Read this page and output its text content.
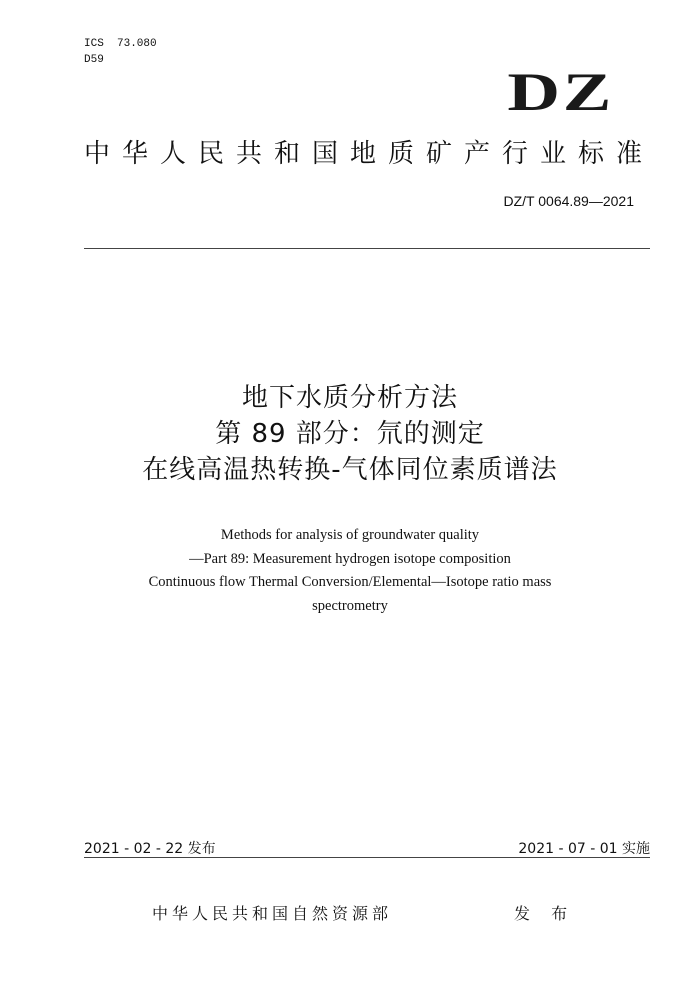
ICS  73.080
D59
DZ
中华人民共和国地质矿产行业标准
DZ/T 0064.89—2021
地下水质分析方法
第 89 部分：氘的测定
在线高温热转换-气体同位素质谱法
Methods for analysis of groundwater quality
—Part 89: Measurement hydrogen isotope composition
Continuous flow Thermal Conversion/Elemental—Isotope ratio mass
spectrometry
2021 - 02 - 22 发布	2021 - 07 - 01 实施
中华人民共和国自然资源部	发 布
